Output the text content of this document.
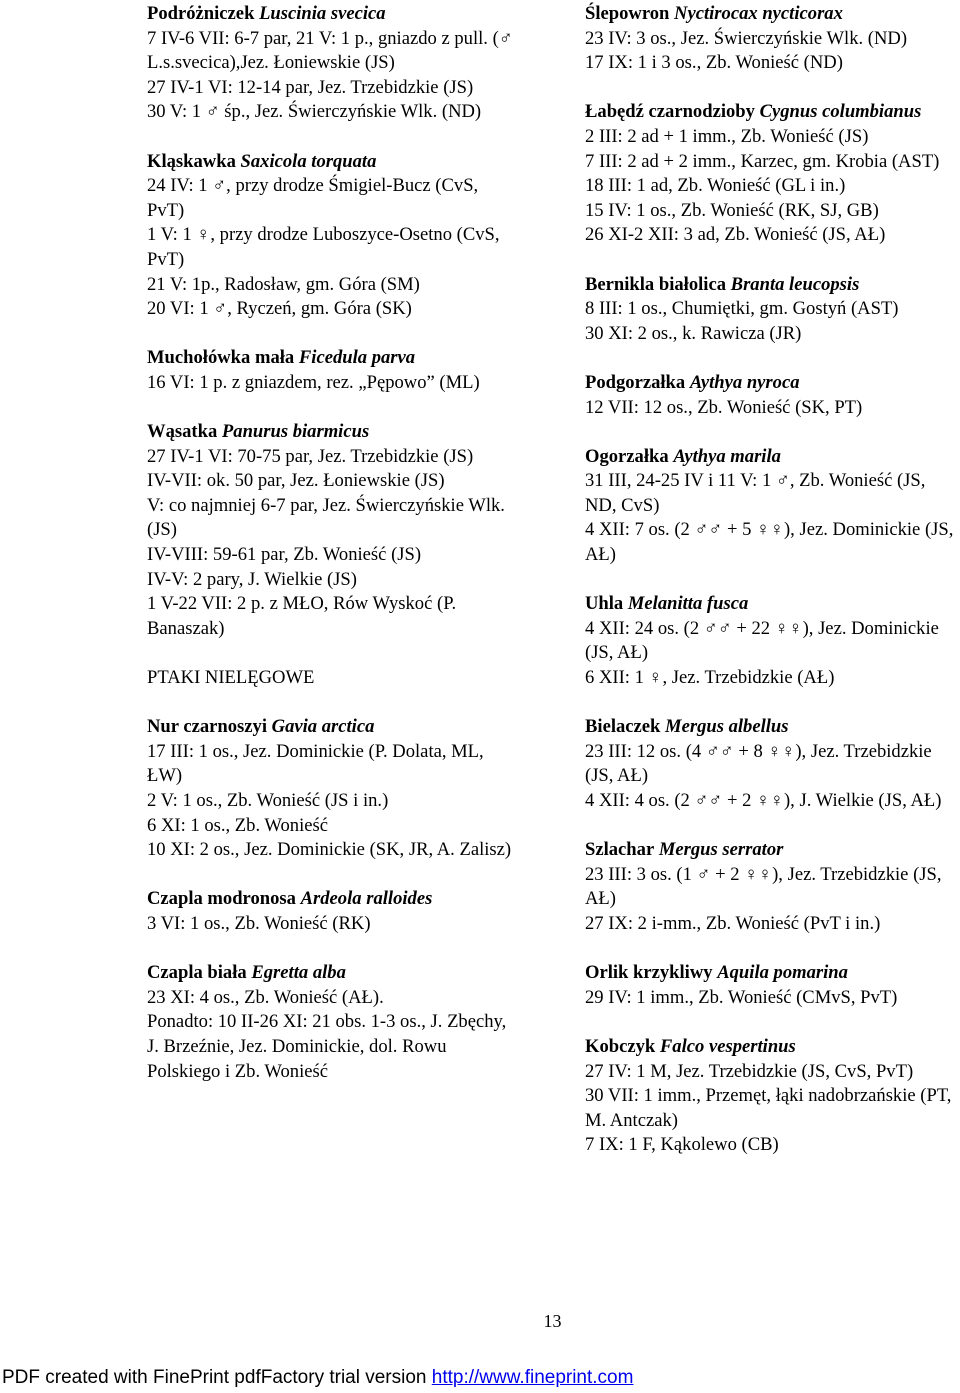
Podróżniczek Luscinia svecica
7 IV-6 VII: 6-7 par, 21 V: 1 p., gniazdo z pull. (♂ L.s.svecica),Jez. Łoniewskie (JS)
27 IV-1 VI: 12-14 par, Jez. Trzebidzkie (JS)
30 V: 1 ♂ śp., Jez. Świerczyńskie Wlk. (ND)
Kląskawka Saxicola torquata
24 IV: 1 ♂, przy drodze Śmigiel-Bucz (CvS, PvT)
1 V: 1 ♀, przy drodze Luboszyce-Osetno (CvS, PvT)
21 V: 1p., Radosław, gm. Góra (SM)
20 VI: 1 ♂, Ryczeń, gm. Góra (SK)
Muchołówka mała Ficedula parva
16 VI: 1 p. z gniazdem, rez. „Pępowo” (ML)
Wąsatka Panurus biarmicus
27 IV-1 VI: 70-75 par, Jez. Trzebidzkie (JS)
IV-VII: ok. 50 par, Jez. Łoniewskie (JS)
V: co najmniej 6-7 par, Jez. Świerczyńskie Wlk. (JS)
IV-VIII: 59-61 par, Zb. Wonieść (JS)
IV-V: 2 pary, J. Wielkie (JS)
1 V-22 VII: 2 p. z MŁO, Rów Wyskoć (P. Banaszak)
PTAKI NIELĘGOWE
Nur czarnoszyi Gavia arctica
17 III: 1 os., Jez. Dominickie (P. Dolata, ML, ŁW)
2 V: 1 os., Zb. Wonieść (JS i in.)
6 XI: 1 os., Zb. Wonieść
10 XI: 2 os., Jez. Dominickie (SK, JR, A. Zalisz)
Czapla modronosa Ardeola ralloides
3 VI: 1 os., Zb. Wonieść (RK)
Czapla biała Egretta alba
23 XI: 4 os., Zb. Wonieść (AŁ).
Ponadto: 10 II-26 XI: 21 obs. 1-3 os., J. Zbęchy, J. Brzeźnie, Jez. Dominickie, dol. Rowu Polskiego i Zb. Wonieść
Ślepowron Nyctirocax nycticorax
23 IV: 3 os., Jez. Świerczyńskie Wlk. (ND)
17 IX: 1 i 3 os., Zb. Wonieść (ND)
Łabędź czarnodzioby Cygnus columbianus
2 III: 2 ad + 1 imm., Zb. Wonieść (JS)
7 III: 2 ad + 2 imm., Karzec, gm. Krobia (AST)
18 III: 1 ad, Zb. Wonieść (GL i in.)
15 IV: 1 os., Zb. Wonieść (RK, SJ, GB)
26 XI-2 XII: 3 ad, Zb. Wonieść (JS, AŁ)
Bernikla białolica Branta leucopsis
8 III: 1 os., Chumiętki, gm. Gostyń (AST)
30 XI: 2 os., k. Rawicza (JR)
Podgorzałka Aythya nyroca
12 VII: 12 os., Zb. Wonieść (SK, PT)
Ogorzałka Aythya marila
31 III, 24-25 IV i 11 V: 1 ♂, Zb. Wonieść (JS, ND, CvS)
4 XII: 7 os. (2 ♂♂ + 5 ♀♀), Jez. Dominickie (JS, AŁ)
Uhla Melanitta fusca
4 XII: 24 os. (2 ♂♂ + 22 ♀♀), Jez. Dominickie (JS, AŁ)
6 XII: 1 ♀, Jez. Trzebidzkie (AŁ)
Bielaczek Mergus albellus
23 III: 12 os. (4 ♂♂ + 8 ♀♀), Jez. Trzebidzkie (JS, AŁ)
4 XII: 4 os. (2 ♂♂ + 2 ♀♀), J. Wielkie (JS, AŁ)
Szlachar Mergus serrator
23 III: 3 os. (1 ♂ + 2 ♀♀), Jez. Trzebidzkie (JS, AŁ)
27 IX: 2 i-mm., Zb. Wonieść (PvT i in.)
Orlik krzykliwy Aquila pomarina
29 IV: 1 imm., Zb. Wonieść (CMvS, PvT)
Kobczyk Falco vespertinus
27 IV: 1 M, Jez. Trzebidzkie (JS, CvS, PvT)
30 VII: 1 imm., Przemęt, łąki nadobrzańskie (PT, M. Antczak)
7 IX: 1 F, Kąkolewo (CB)
13
PDF created with FinePrint pdfFactory trial version http://www.fineprint.com
